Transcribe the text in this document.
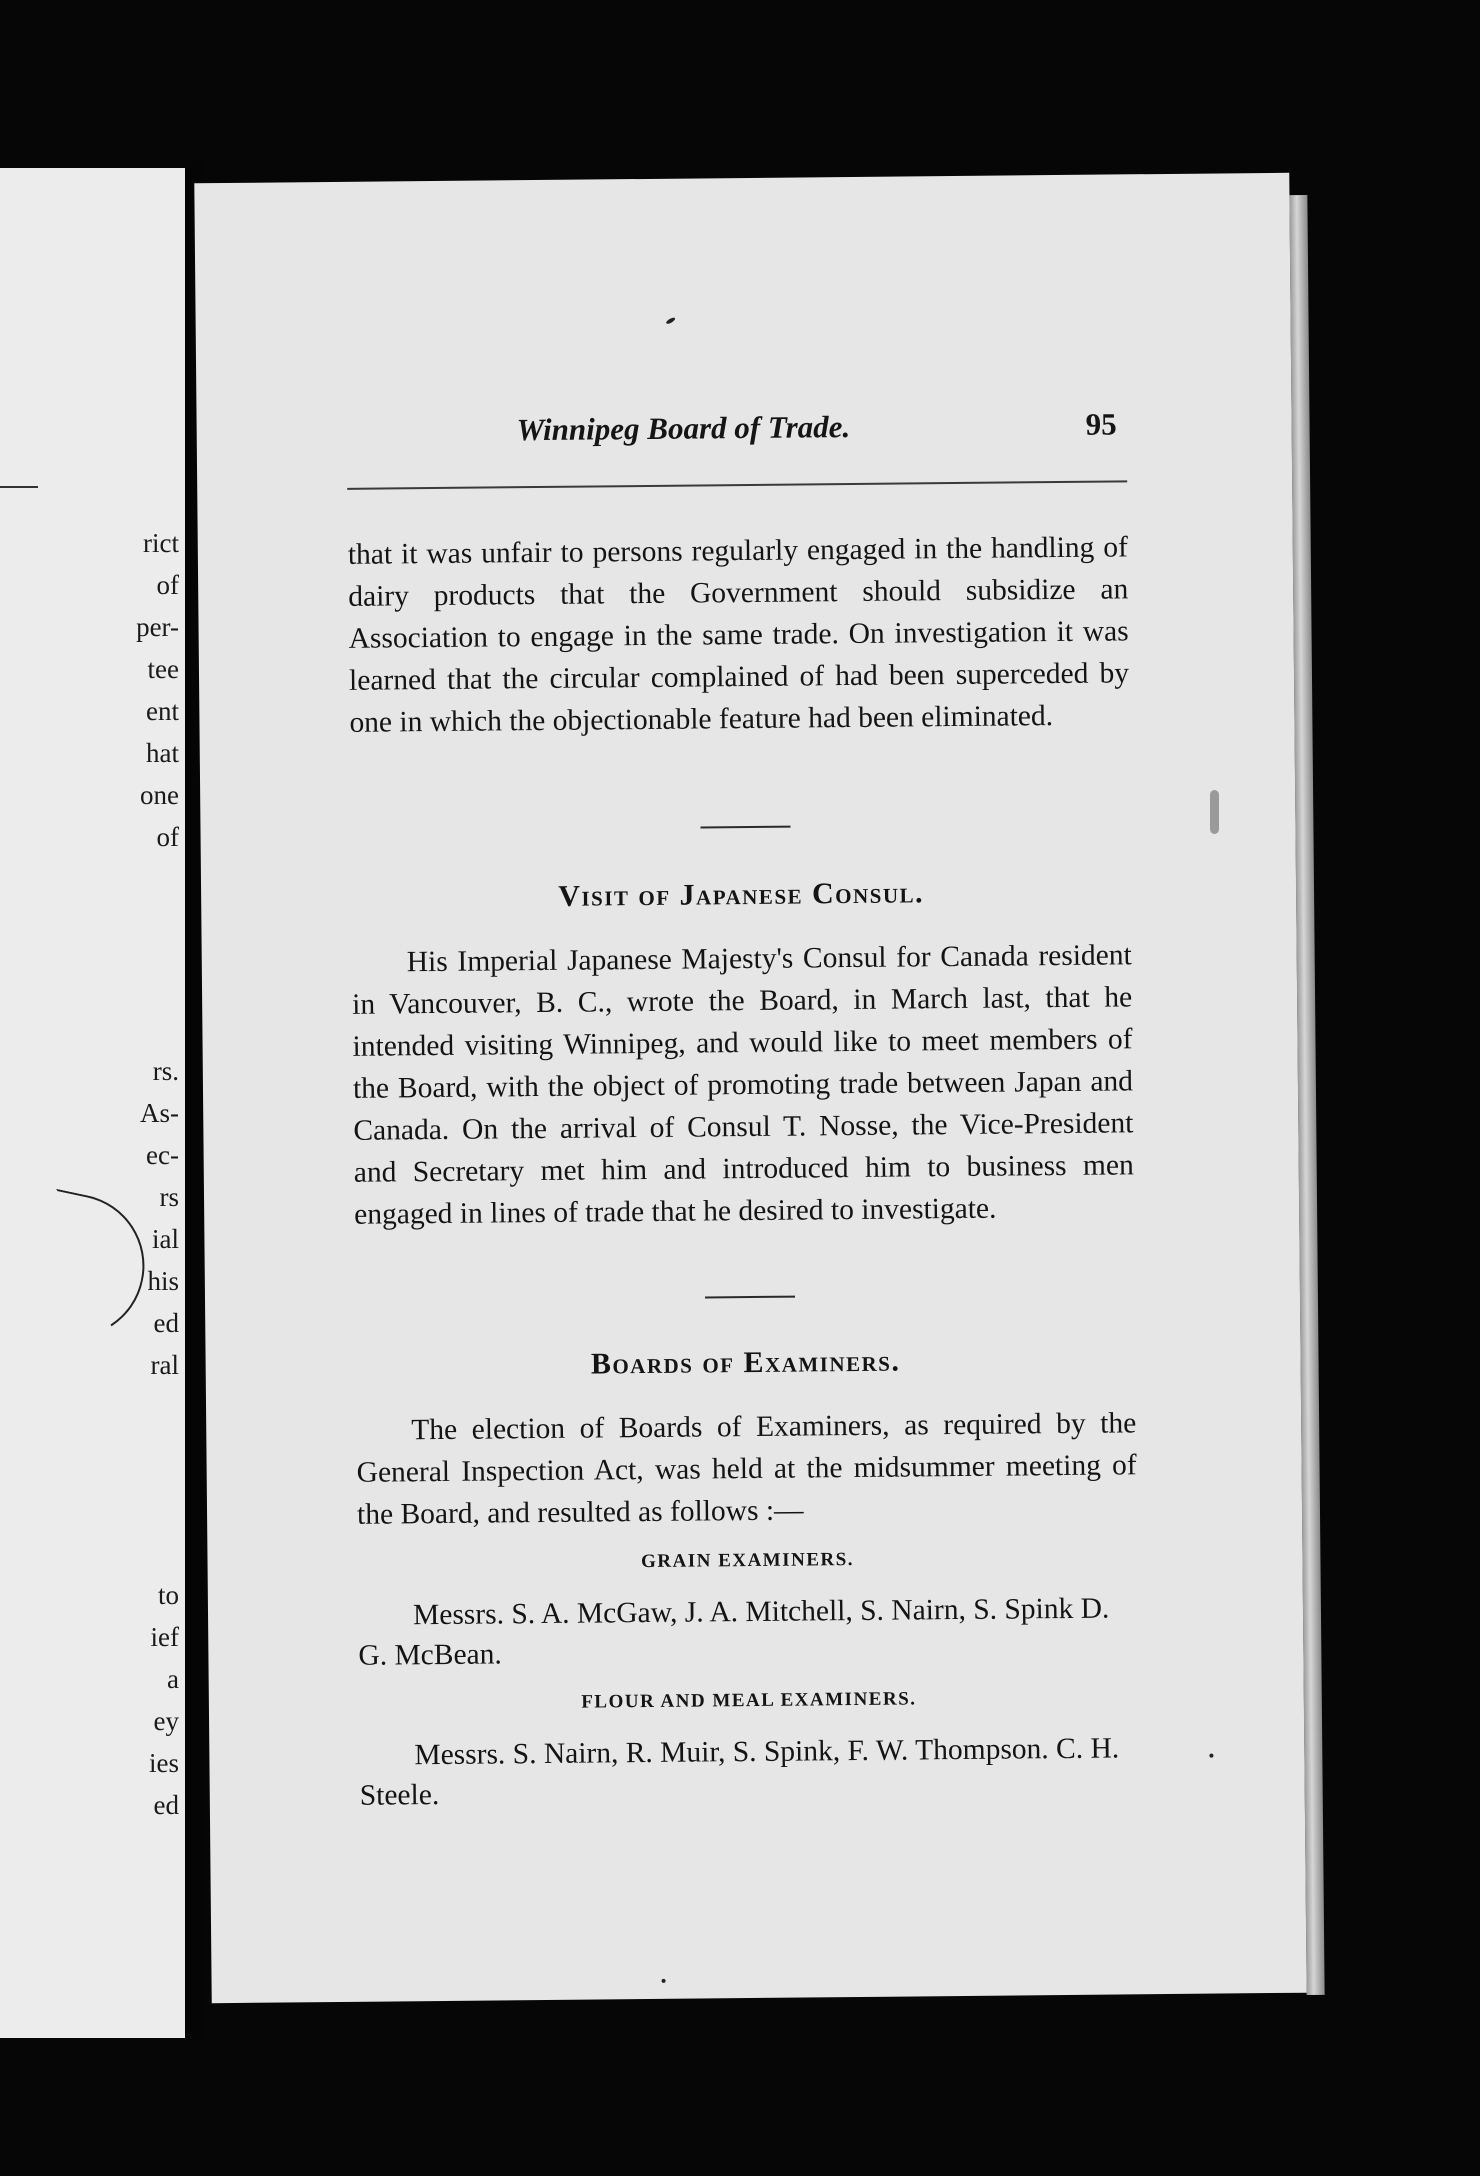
rict
of
per-
tee
ent
hat
one
of
rs.
As-
ec-
rs
ial
his
ed
ral
to
ief
a
ey
ies
ed
Winnipeg Board of Trade.	95
that it was unfair to persons regularly engaged in the handling of dairy products that the Government should subsidize an Association to engage in the same trade. On investigation it was learned that the circular complained of had been superceded by one in which the objectionable feature had been eliminated.
Visit of Japanese Consul.
His Imperial Japanese Majesty's Consul for Canada resident in Vancouver, B. C., wrote the Board, in March last, that he intended visiting Winnipeg, and would like to meet members of the Board, with the object of promoting trade between Japan and Canada. On the arrival of Consul T. Nosse, the Vice-President and Secretary met him and introduced him to business men engaged in lines of trade that he desired to investigate.
Boards of Examiners.
The election of Boards of Examiners, as required by the General Inspection Act, was held at the midsummer meeting of the Board, and resulted as follows :—
GRAIN EXAMINERS.
Messrs. S. A. McGaw, J. A. Mitchell, S. Nairn, S. Spink D. G. McBean.
FLOUR AND MEAL EXAMINERS.
Messrs. S. Nairn, R. Muir, S. Spink, F. W. Thompson. C. H. Steele.
